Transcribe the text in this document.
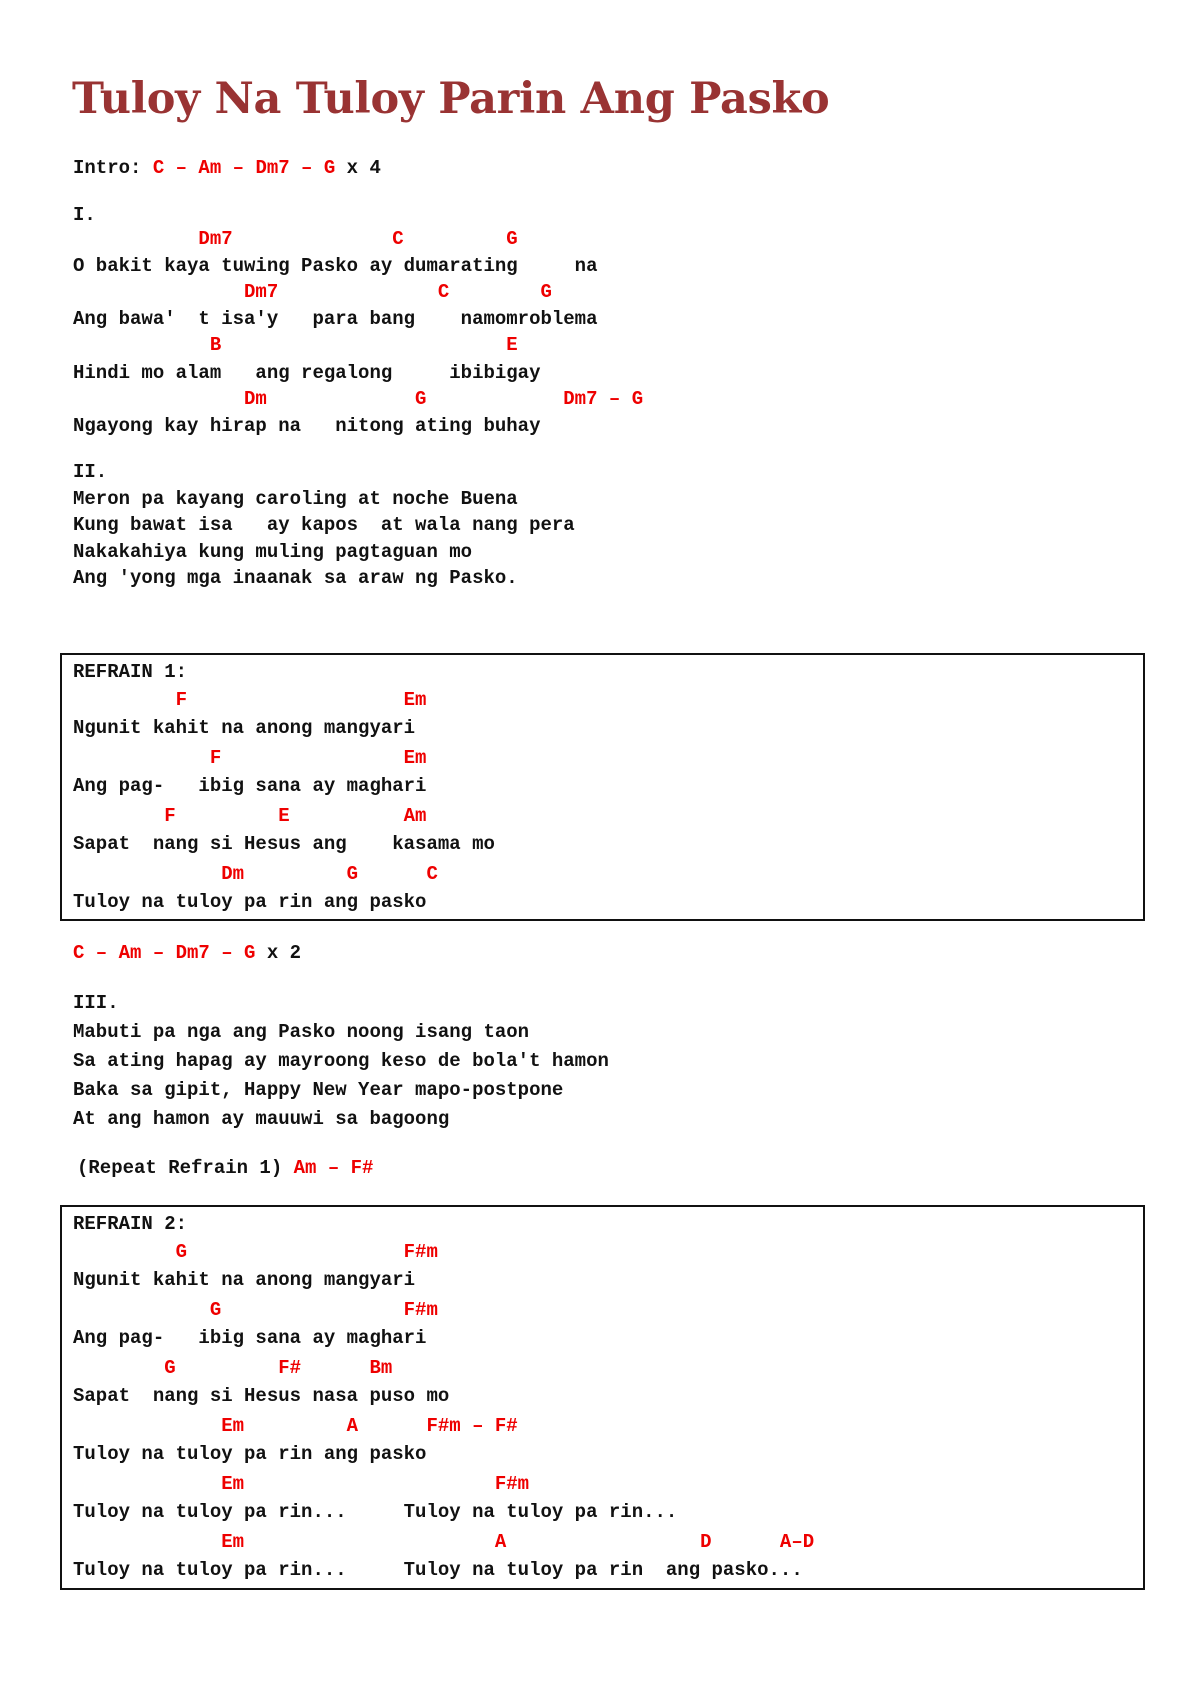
Tuloy Na Tuloy Parin Ang Pasko
Intro: C – Am – Dm7 – G x 4
I.
Dm7              C         G
O bakit kaya tuwing Pasko ay dumarating     na
Dm7              C        G
Ang bawa'  t isa'y   para bang    namomroblema
B                         E
Hindi mo alam   ang regalong     ibibigay
Dm             G            Dm7 – G
Ngayong kay hirap na   nitong ating buhay
II.
Meron pa kayang caroling at noche Buena
Kung bawat isa   ay kapos  at wala nang pera
Nakakahiya kung muling pagtaguan mo
Ang 'yong mga inaanak sa araw ng Pasko.
REFRAIN 1:
F                   Em
Ngunit kahit na anong mangyari
F                Em
Ang pag-   ibig sana ay maghari
F         E          Am
Sapat  nang si Hesus ang    kasama mo
Dm         G      C
Tuloy na tuloy pa rin ang pasko
C – Am – Dm7 – G x 2
III.
Mabuti pa nga ang Pasko noong isang taon
Sa ating hapag ay mayroong keso de bola't hamon
Baka sa gipit, Happy New Year mapo-postpone
At ang hamon ay mauuwi sa bagoong
(Repeat Refrain 1) Am – F#
REFRAIN 2:
G                   F#m
Ngunit kahit na anong mangyari
G                F#m
Ang pag-   ibig sana ay maghari
G         F#      Bm
Sapat  nang si Hesus nasa puso mo
Em         A      F#m – F#
Tuloy na tuloy pa rin ang pasko
Em                      F#m
Tuloy na tuloy pa rin...     Tuloy na tuloy pa rin...
Em                      A                 D      A–D
Tuloy na tuloy pa rin...     Tuloy na tuloy pa rin  ang pasko...
